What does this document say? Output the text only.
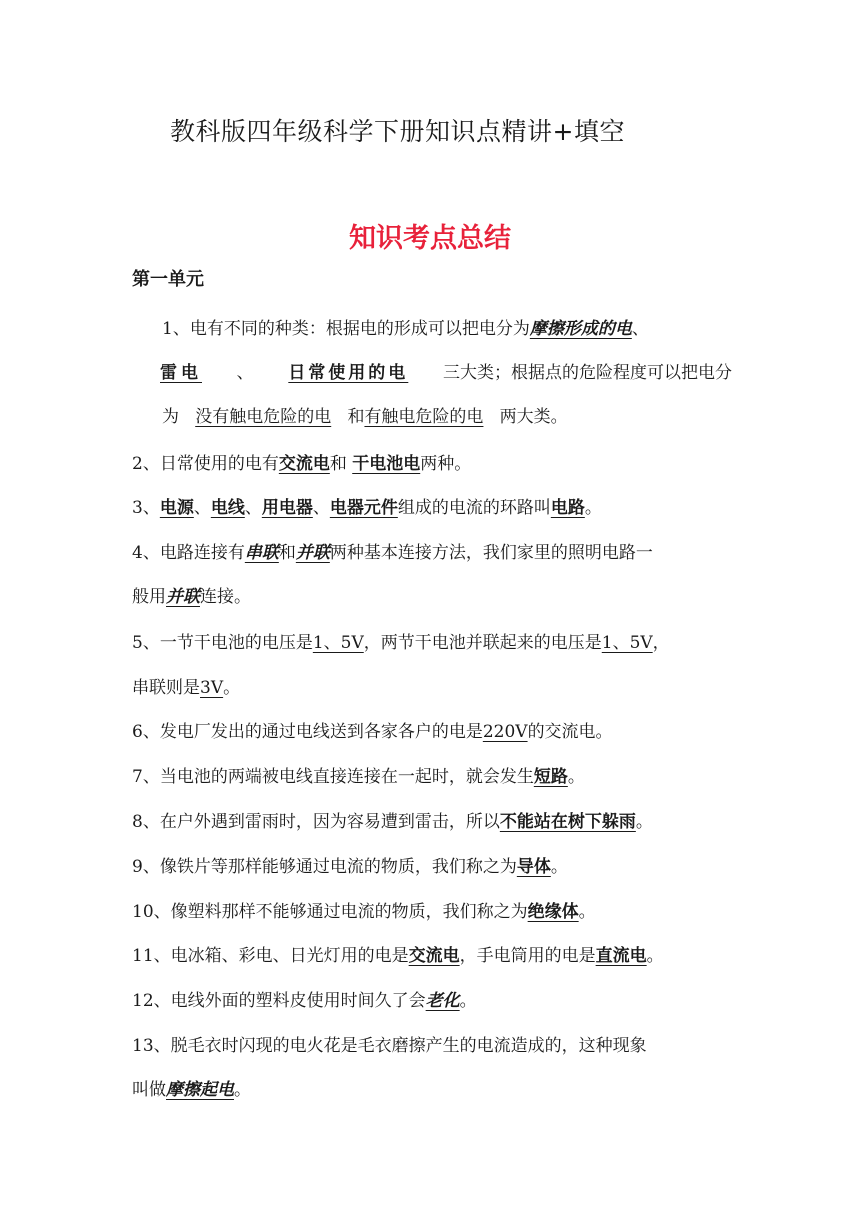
教科版四年级科学下册知识点精讲+填空
知识考点总结
第一单元
1、电有不同的种类：根据电的形成可以把电分为摩擦形成的电、
雷电 、 日常使用的电 三大类；根据点的危险程度可以把电分
为 没有触电危险的电 和有触电危险的电 两大类。
2、日常使用的电有交流电和 干电池电两种。
3、电源、电线、用电器、电器元件组成的电流的环路叫电路。
4、电路连接有串联和并联两种基本连接方法，我们家里的照明电路一
般用并联连接。
5、一节干电池的电压是1、5V，两节干电池并联起来的电压是1、5V，
串联则是3V。
6、发电厂发出的通过电线送到各家各户的电是220V的交流电。
7、当电池的两端被电线直接连接在一起时，就会发生短路。
8、在户外遇到雷雨时，因为容易遭到雷击，所以不能站在树下躲雨。
9、像铁片等那样能够通过电流的物质，我们称之为导体。
10、像塑料那样不能够通过电流的物质，我们称之为绝缘体。
11、电冰箱、彩电、日光灯用的电是交流电，手电筒用的电是直流电。
12、电线外面的塑料皮使用时间久了会老化。
13、脱毛衣时闪现的电火花是毛衣磨擦产生的电流造成的，这种现象
叫做摩擦起电。
